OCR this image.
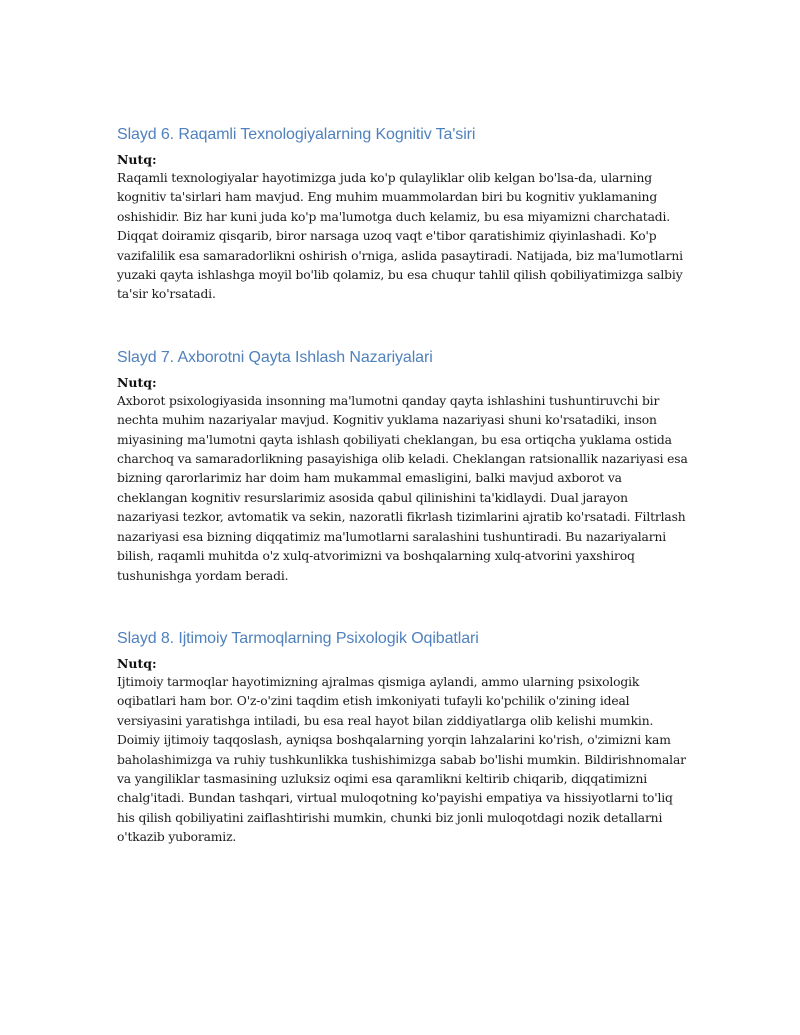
Slayd 6. Raqamli Texnologiyalarning Kognitiv Ta'siri

Nutq:

Raqamli texnologiyalar hayotimizga juda ko'p qulayliklar olib kelgan bo'lsa-da, ularning kognitiv ta'sirlari ham mavjud. Eng muhim muammolardan biri bu kognitiv yuklamaning oshishidir. Biz har kuni juda ko'p ma'lumotga duch kelamiz, bu esa miyamizni charchatadi. Diqqat doiramiz qisqarib, biror narsaga uzoq vaqt e'tibor qaratishimiz qiyinlashadi. Ko'p vazifalilik esa samaradorlikni oshirish o'rniga, aslida pasaytiradi. Natijada, biz ma'lumotlarni yuzaki qayta ishlashga moyil bo'lib qolamiz, bu esa chuqur tahlil qilish qobiliyatimizga salbiy ta'sir ko'rsatadi.

Slayd 7. Axborotni Qayta Ishlash Nazariyalari

Nutq:

Axborot psixologiyasida insonning ma'lumotni qanday qayta ishlashini tushuntiruvchi bir nechta muhim nazariyalar mavjud. Kognitiv yuklama nazariyasi shuni ko'rsatadiki, inson miyasining ma'lumotni qayta ishlash qobiliyati cheklangan, bu esa ortiqcha yuklama ostida charchoq va samaradorlikning pasayishiga olib keladi. Cheklangan ratsionallik nazariyasi esa bizning qarorlarimiz har doim ham mukammal emasligini, balki mavjud axborot va cheklangan kognitiv resurslarimiz asosida qabul qilinishini ta'kidlaydi. Dual jarayon nazariyasi tezkor, avtomatik va sekin, nazoratli fikrlash tizimlarini ajratib ko'rsatadi. Filtrlash nazariyasi esa bizning diqqatimiz ma'lumotlarni saralashini tushuntiradi. Bu nazariyalarni bilish, raqamli muhitda o'z xulq-atvorimizni va boshqalarning xulq-atvorini yaxshiroq tushunishga yordam beradi.

Slayd 8. Ijtimoiy Tarmoqlarning Psixologik Oqibatlari

Nutq:

Ijtimoiy tarmoqlar hayotimizning ajralmas qismiga aylandi, ammo ularning psixologik oqibatlari ham bor. O'z-o'zini taqdim etish imkoniyati tufayli ko'pchilik o'zining ideal versiyasini yaratishga intiladi, bu esa real hayot bilan ziddiyatlarga olib kelishi mumkin. Doimiy ijtimoiy taqqoslash, ayniqsa boshqalarning yorqin lahzalarini ko'rish, o'zimizni kam baholashimizga va ruhiy tushkunlikka tushishimizga sabab bo'lishi mumkin. Bildirishnomalar va yangiliklar tasmasining uzluksiz oqimi esa qaramlikni keltirib chiqarib, diqqatimizni chalg'itadi. Bundan tashqari, virtual muloqotning ko'payishi empatiya va hissiyotlarni to'liq his qilish qobiliyatini zaiflashtirishi mumkin, chunki biz jonli muloqotdagi nozik detallarni o'tkazib yuboramiz.
